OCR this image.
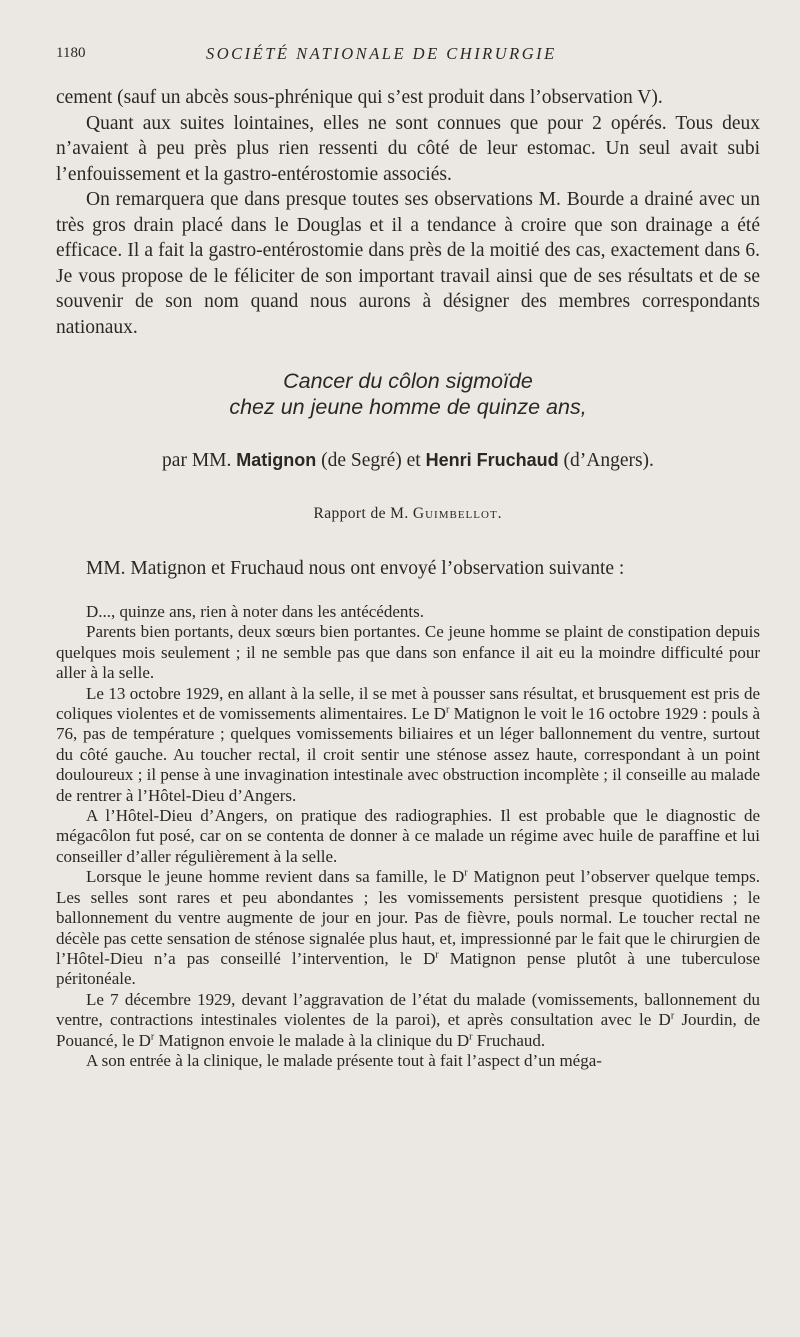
1180	SOCIÉTÉ NATIONALE DE CHIRURGIE

cement (sauf un abcès sous-phrénique qui s’est produit dans l’observation V).

Quant aux suites lointaines, elles ne sont connues que pour 2 opérés. Tous deux n’avaient à peu près plus rien ressenti du côté de leur estomac. Un seul avait subi l’enfouissement et la gastro-entérostomie associés.

On remarquera que dans presque toutes ses observations M. Bourde a drainé avec un très gros drain placé dans le Douglas et il a tendance à croire que son drainage a été efficace. Il a fait la gastro-entérostomie dans près de la moitié des cas, exactement dans 6. Je vous propose de le féliciter de son important travail ainsi que de ses résultats et de se souvenir de son nom quand nous aurons à désigner des membres correspondants nationaux.

Cancer du côlon sigmoïde
chez un jeune homme de quinze ans,
par MM. Matignon (de Segré) et Henri Fruchaud (d’Angers).
Rapport de M. Guimbellot.

MM. Matignon et Fruchaud nous ont envoyé l’observation suivante :

D..., quinze ans, rien à noter dans les antécédents.

Parents bien portants, deux sœurs bien portantes. Ce jeune homme se plaint de constipation depuis quelques mois seulement ; il ne semble pas que dans son enfance il ait eu la moindre difficulté pour aller à la selle.

Le 13 octobre 1929, en allant à la selle, il se met à pousser sans résultat, et brusquement est pris de coliques violentes et de vomissements alimentaires. Le $D^r$ Matignon le voit le 16 octobre 1929 : pouls à 76, pas de température ; quelques vomissements biliaires et un léger ballonnement du ventre, surtout du côté gauche. Au toucher rectal, il croit sentir une sténose assez haute, correspondant à un point douloureux ; il pense à une invagination intestinale avec obstruction incomplète ; il conseille au malade de rentrer à l’Hôtel-Dieu d’Angers.

A l’Hôtel-Dieu d’Angers, on pratique des radiographies. Il est probable que le diagnostic de mégacôlon fut posé, car on se contenta de donner à ce malade un régime avec huile de paraffine et lui conseiller d’aller régulièrement à la selle.

Lorsque le jeune homme revient dans sa famille, le $D^r$ Matignon peut l’observer quelque temps. Les selles sont rares et peu abondantes ; les vomissements persistent presque quotidiens ; le ballonnement du ventre augmente de jour en jour. Pas de fièvre, pouls normal. Le toucher rectal ne décèle pas cette sensation de sténose signalée plus haut, et, impressionné par le fait que le chirurgien de l’Hôtel-Dieu n’a pas conseillé l’intervention, le $D^r$ Matignon pense plutôt à une tuberculose péritonéale.

Le 7 décembre 1929, devant l’aggravation de l’état du malade (vomissements, ballonnement du ventre, contractions intestinales violentes de la paroi), et après consultation avec le $D^r$ Jourdin, de Pouancé, le $D^r$ Matignon envoie le malade à la clinique du $D^r$ Fruchaud.

A son entrée à la clinique, le malade présente tout à fait l’aspect d’un méga-
